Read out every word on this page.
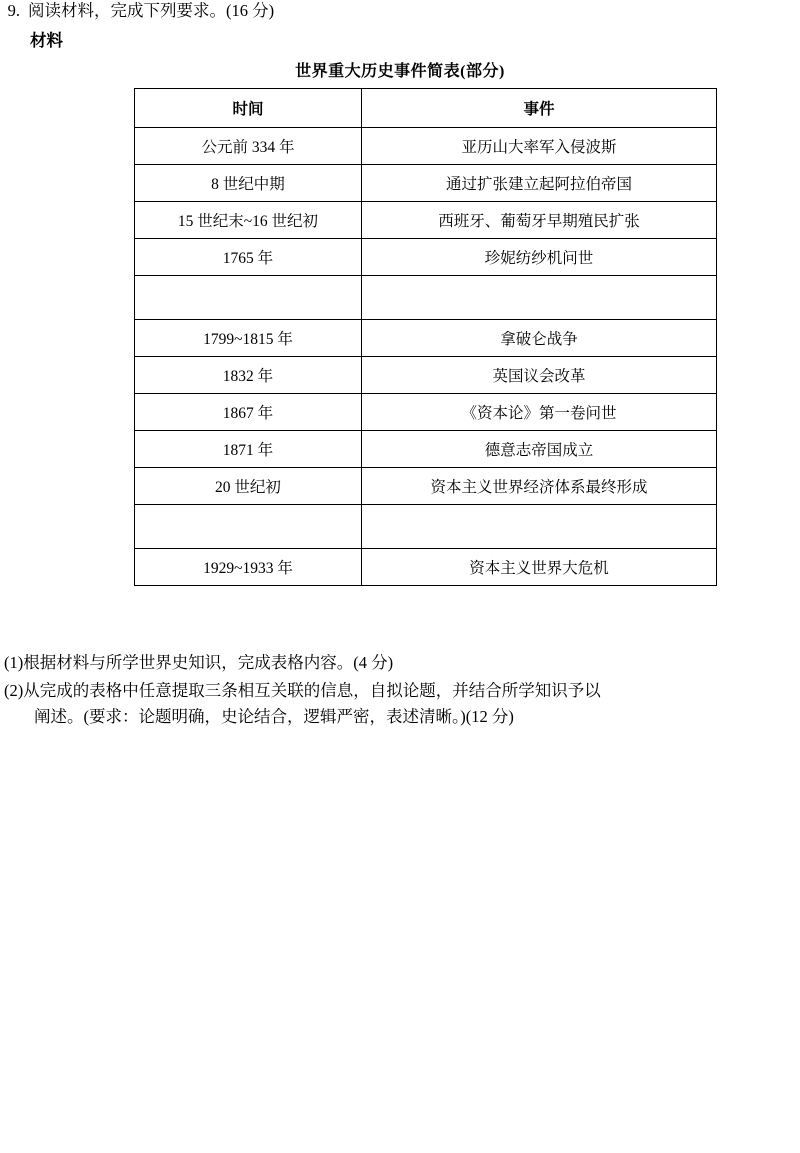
9. 阅读材料，完成下列要求。(16 分)
材料
世界重大历史事件简表(部分)
时间	事件
公元前 334 年	亚历山大率军入侵波斯
8 世纪中期	通过扩张建立起阿拉伯帝国
15 世纪末~16 世纪初	西班牙、葡萄牙早期殖民扩张
1765 年	珍妮纺纱机问世

1799~1815 年	拿破仑战争
1832 年	英国议会改革
1867 年	《资本论》第一卷问世
1871 年	德意志帝国成立
20 世纪初	资本主义世界经济体系最终形成

1929~1933 年	资本主义世界大危机
(1)根据材料与所学世界史知识，完成表格内容。(4 分)
(2)从完成的表格中任意提取三条相互关联的信息，自拟论题，并结合所学知识予以
阐述。(要求：论题明确，史论结合，逻辑严密，表述清晰。)(12 分)
